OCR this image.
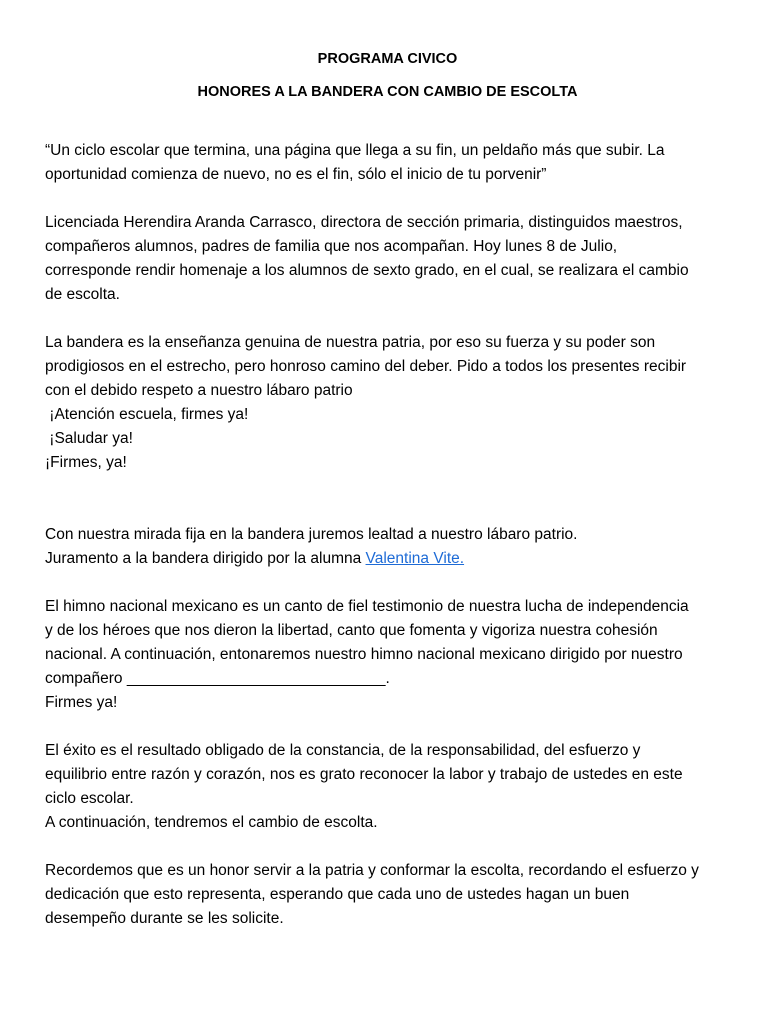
PROGRAMA CIVICO

HONORES A LA BANDERA CON CAMBIO DE ESCOLTA

“Un ciclo escolar que termina, una página que llega a su fin, un peldaño más que subir. La
oportunidad comienza de nuevo, no es el fin, sólo el inicio de tu porvenir”

Licenciada Herendira Aranda Carrasco, directora de sección primaria, distinguidos maestros,
compañeros alumnos, padres de familia que nos acompañan. Hoy lunes 8 de Julio,
corresponde rendir homenaje a los alumnos de sexto grado, en el cual, se realizara el cambio
de escolta.

La bandera es la enseñanza genuina de nuestra patria, por eso su fuerza y su poder son
prodigiosos en el estrecho, pero honroso camino del deber. Pido a todos los presentes recibir
con el debido respeto a nuestro lábaro patrio
¡Atención escuela, firmes ya!
¡Saludar ya!
¡Firmes, ya!

Con nuestra mirada fija en la bandera juremos lealtad a nuestro lábaro patrio.
Juramento a la bandera dirigido por la alumna Valentina Vite.

El himno nacional mexicano es un canto de fiel testimonio de nuestra lucha de independencia
y de los héroes que nos dieron la libertad, canto que fomenta y vigoriza nuestra cohesión
nacional. A continuación, entonaremos nuestro himno nacional mexicano dirigido por nuestro
compañero ______________________________.
Firmes ya!

El éxito es el resultado obligado de la constancia, de la responsabilidad, del esfuerzo y
equilibrio entre razón y corazón, nos es grato reconocer la labor y trabajo de ustedes en este
ciclo escolar.
A continuación, tendremos el cambio de escolta.

Recordemos que es un honor servir a la patria y conformar la escolta, recordando el esfuerzo y
dedicación que esto representa, esperando que cada uno de ustedes hagan un buen
desempeño durante se les solicite.
